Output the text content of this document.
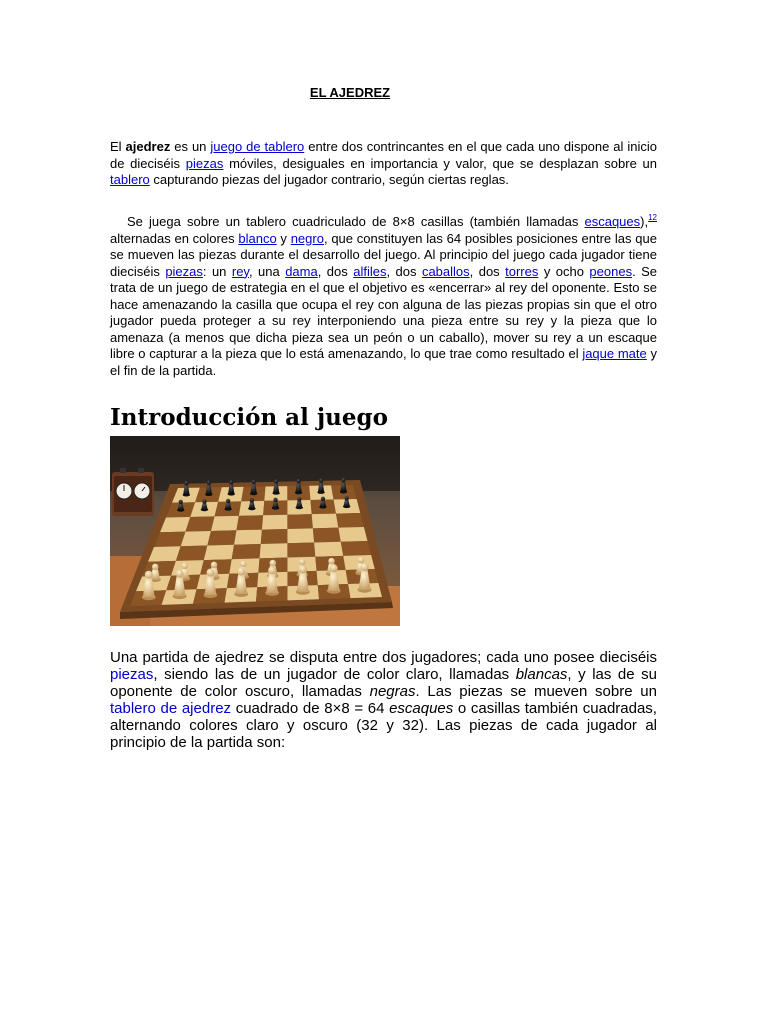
EL AJEDREZ

El ajedrez es un juego de tablero entre dos contrincantes en el que cada uno dispone al inicio de dieciséis piezas móviles, desiguales en importancia y valor, que se desplazan sobre un tablero capturando piezas del jugador contrario, según ciertas reglas.

Se juega sobre un tablero cuadriculado de 8×8 casillas (también llamadas escaques),$^{12}$ alternadas en colores blanco y negro, que constituyen las 64 posibles posiciones entre las que se mueven las piezas durante el desarrollo del juego. Al principio del juego cada jugador tiene dieciséis piezas: un rey, una dama, dos alfiles, dos caballos, dos torres y ocho peones. Se trata de un juego de estrategia en el que el objetivo es «encerrar» al rey del oponente. Esto se hace amenazando la casilla que ocupa el rey con alguna de las piezas propias sin que el otro jugador pueda proteger a su rey interponiendo una pieza entre su rey y la pieza que lo amenaza (a menos que dicha pieza sea un peón o un caballo), mover su rey a un escaque libre o capturar a la pieza que lo está amenazando, lo que trae como resultado el jaque mate y el fin de la partida.

Introducción al juego

Una partida de ajedrez se disputa entre dos jugadores; cada uno posee dieciséis piezas, siendo las de un jugador de color claro, llamadas blancas, y las de su oponente de color oscuro, llamadas negras. Las piezas se mueven sobre un tablero de ajedrez cuadrado de 8×8 = 64 escaques o casillas también cuadradas, alternando colores claro y oscuro (32 y 32). Las piezas de cada jugador al principio de la partida son:
